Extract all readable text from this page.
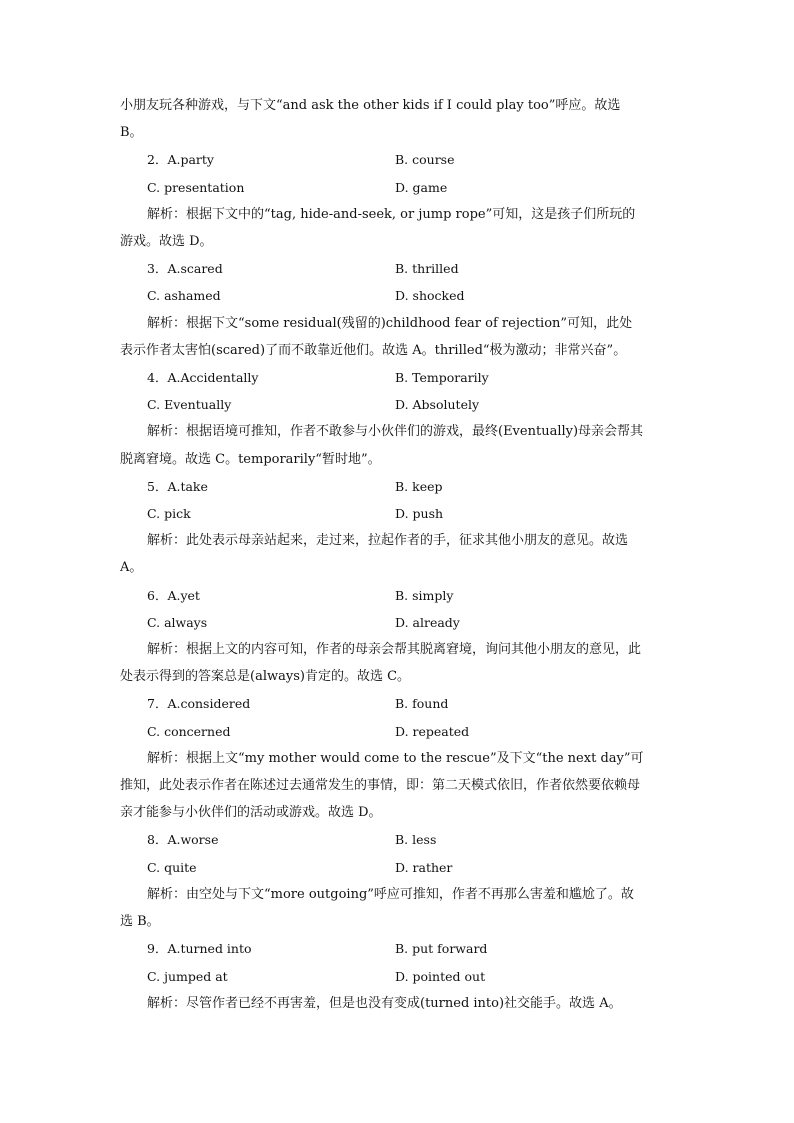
小朋友玩各种游戏，与下文“and ask the other kids if I could play too”呼应。故选
B。
2．A.party	B. course
C. presentation	D. game
解析：根据下文中的“tag, hide-and-seek, or jump rope”可知，这是孩子们所玩的
游戏。故选 D。
3．A.scared	B. thrilled
C. ashamed	D. shocked
解析：根据下文“some residual(残留的)childhood fear of rejection”可知，此处
表示作者太害怕(scared)了而不敢靠近他们。故选 A。thrilled“极为激动；非常兴奋”。
4．A.Accidentally	B. Temporarily
C. Eventually	D. Absolutely
解析：根据语境可推知，作者不敢参与小伙伴们的游戏，最终(Eventually)母亲会帮其
脱离窘境。故选 C。temporarily“暂时地”。
5．A.take	B. keep
C. pick	D. push
解析：此处表示母亲站起来，走过来，拉起作者的手，征求其他小朋友的意见。故选
A。
6．A.yet	B. simply
C. always	D. already
解析：根据上文的内容可知，作者的母亲会帮其脱离窘境，询问其他小朋友的意见，此
处表示得到的答案总是(always)肯定的。故选 C。
7．A.considered	B. found
C. concerned	D. repeated
解析：根据上文“my mother would come to the rescue”及下文“the next day”可
推知，此处表示作者在陈述过去通常发生的事情，即：第二天模式依旧，作者依然要依赖母
亲才能参与小伙伴们的活动或游戏。故选 D。
8．A.worse	B. less
C. quite	D. rather
解析：由空处与下文“more outgoing”呼应可推知，作者不再那么害羞和尴尬了。故
选 B。
9．A.turned into	B. put forward
C. jumped at	D. pointed out
解析：尽管作者已经不再害羞，但是也没有变成(turned into)社交能手。故选 A。
